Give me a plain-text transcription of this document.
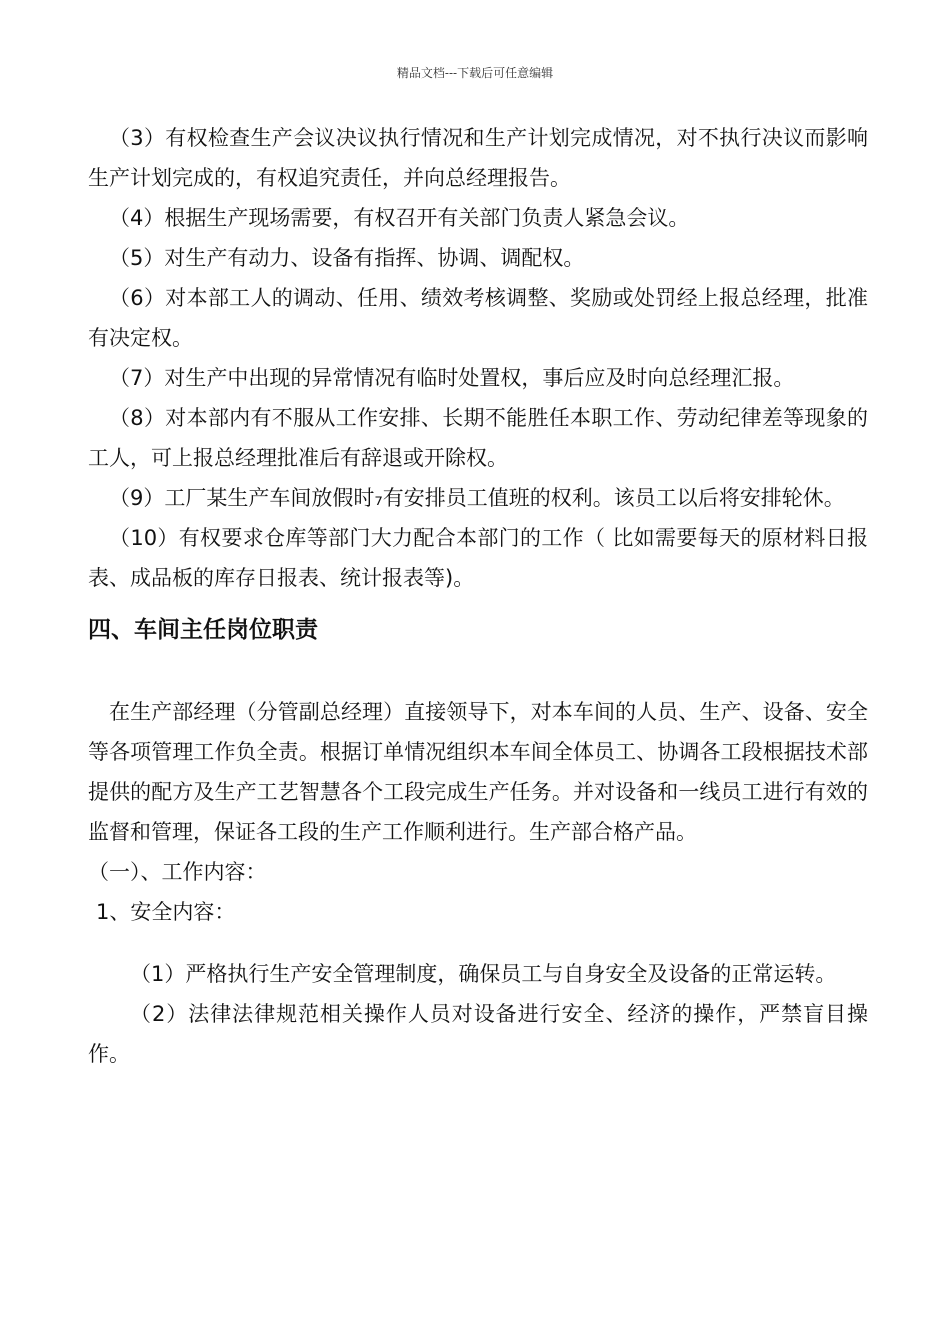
精品文档---下载后可任意编辑

（3）有权检查生产会议决议执行情况和生产计划完成情况，对不执行决议而影响生产计划完成的，有权追究责任，并向总经理报告。

（4）根据生产现场需要，有权召开有关部门负责人紧急会议。

（5）对生产有动力、设备有指挥、协调、调配权。

（6）对本部工人的调动、任用、绩效考核调整、奖励或处罚经上报总经理，批准有决定权。

（7）对生产中出现的异常情况有临时处置权，事后应及时向总经理汇报。

（8）对本部内有不服从工作安排、长期不能胜任本职工作、劳动纪律差等现象的工人，可上报总经理批准后有辞退或开除权。

（9）工厂某生产车间放假时₇有安排员工值班的权利。该员工以后将安排轮休。

（10）有权要求仓库等部门大力配合本部门的工作（ 比如需要每天的原材料日报表、成品板的库存日报表、统计报表等)。

四、车间主任岗位职责

在生产部经理（分管副总经理）直接领导下，对本车间的人员、生产、设备、安全等各项管理工作负全责。根据订单情况组织本车间全体员工、协调各工段根据技术部提供的配方及生产工艺智慧各个工段完成生产任务。并对设备和一线员工进行有效的监督和管理，保证各工段的生产工作顺利进行。生产部合格产品。

（一）、工作内容：

1、安全内容：

（1）严格执行生产安全管理制度，确保员工与自身安全及设备的正常运转。

（2）法律法律规范相关操作人员对设备进行安全、经济的操作，严禁盲目操作。
